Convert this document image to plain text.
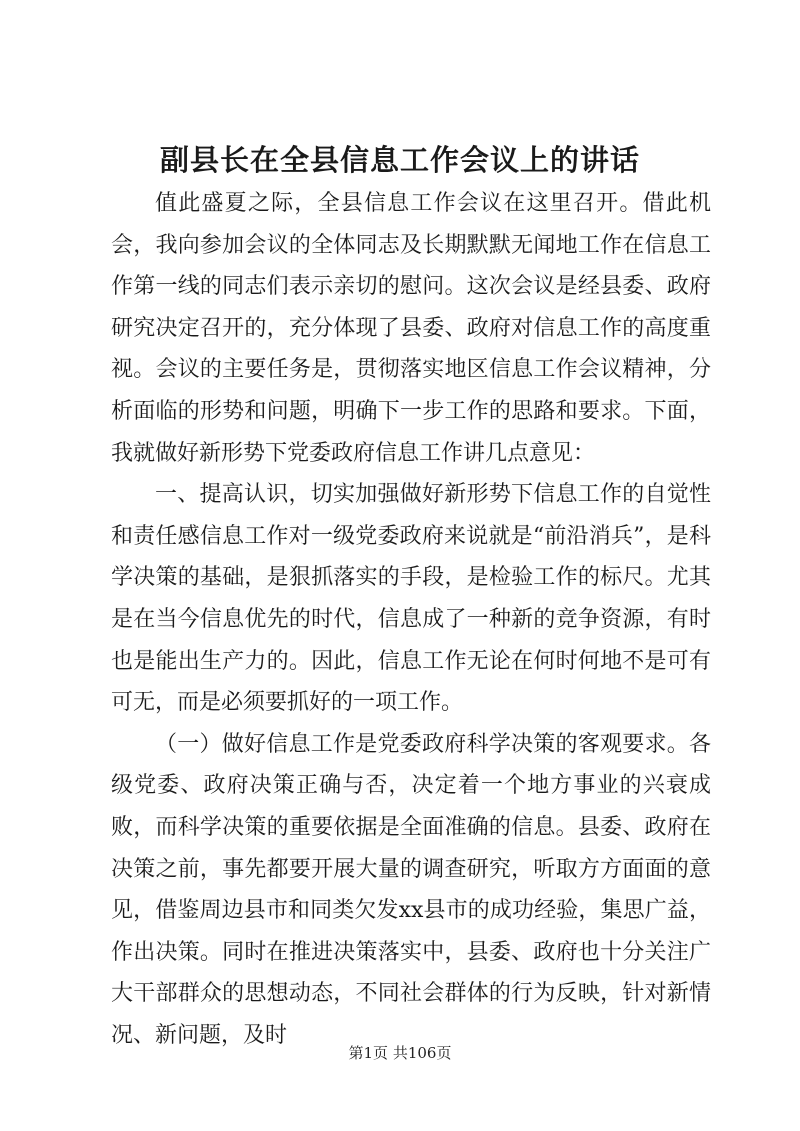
副县长在全县信息工作会议上的讲话

值此盛夏之际，全县信息工作会议在这里召开。借此机会，我向参加会议的全体同志及长期默默无闻地工作在信息工作第一线的同志们表示亲切的慰问。这次会议是经县委、政府研究决定召开的，充分体现了县委、政府对信息工作的高度重视。会议的主要任务是，贯彻落实地区信息工作会议精神，分析面临的形势和问题，明确下一步工作的思路和要求。下面，我就做好新形势下党委政府信息工作讲几点意见：

一、提高认识，切实加强做好新形势下信息工作的自觉性和责任感信息工作对一级党委政府来说就是“前沿消兵”，是科学决策的基础，是狠抓落实的手段，是检验工作的标尺。尤其是在当今信息优先的时代，信息成了一种新的竞争资源，有时也是能出生产力的。因此，信息工作无论在何时何地不是可有可无，而是必须要抓好的一项工作。

（一）做好信息工作是党委政府科学决策的客观要求。各级党委、政府决策正确与否，决定着一个地方事业的兴衰成败，而科学决策的重要依据是全面准确的信息。县委、政府在决策之前，事先都要开展大量的调查研究，听取方方面面的意见，借鉴周边县市和同类欠发xx县市的成功经验，集思广益，作出决策。同时在推进决策落实中，县委、政府也十分关注广大干部群众的思想动态，不同社会群体的行为反映，针对新情况、新问题，及时

第1页 共106页
